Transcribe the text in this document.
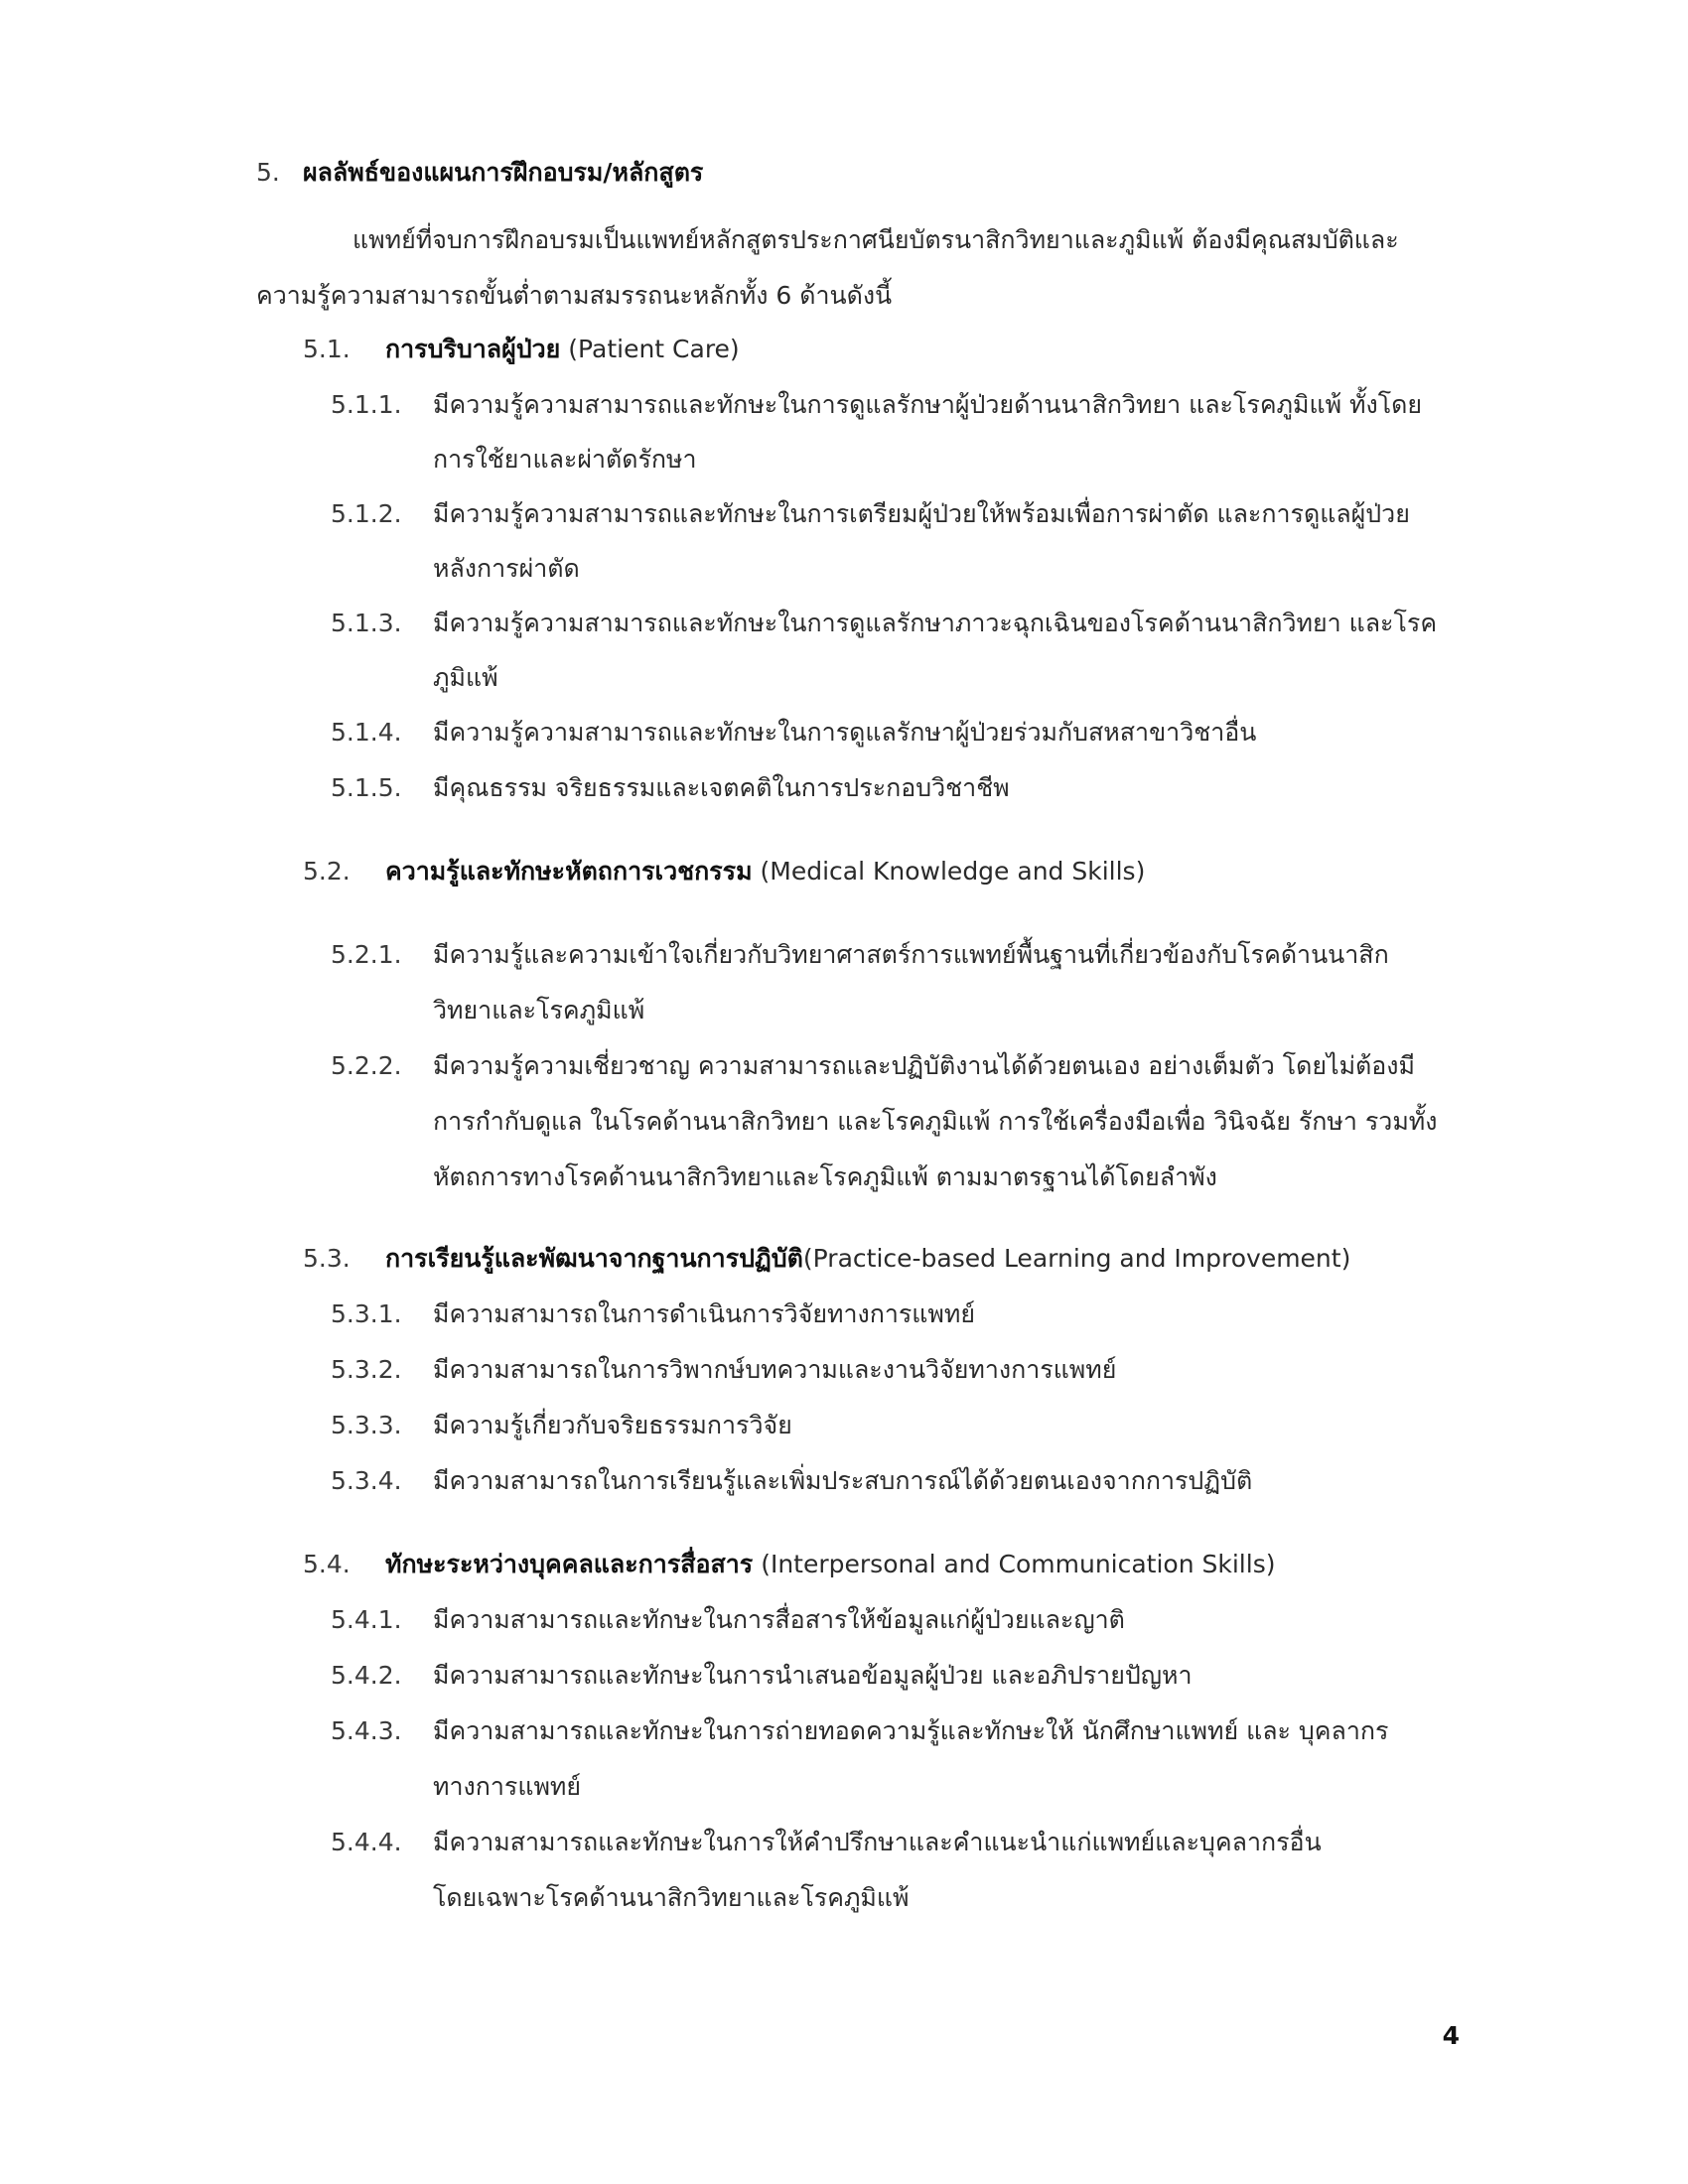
5. ผลลัพธ์ของแผนการฝึกอบรม/หลักสูตร
แพทย์ที่จบการฝึกอบรมเป็นแพทย์หลักสูตรประกาศนียบัตรนาสิกวิทยาและภูมิแพ้ ต้องมีคุณสมบัติและ
ความรู้ความสามารถขั้นต่ำตามสมรรถนะหลักทั้ง 6 ด้านดังนี้
5.1. การบริบาลผู้ป่วย (Patient Care)
5.1.1. มีความรู้ความสามารถและทักษะในการดูแลรักษาผู้ป่วยด้านนาสิกวิทยา และโรคภูมิแพ้ ทั้งโดย
การใช้ยาและผ่าตัดรักษา
5.1.2. มีความรู้ความสามารถและทักษะในการเตรียมผู้ป่วยให้พร้อมเพื่อการผ่าตัด และการดูแลผู้ป่วย
หลังการผ่าตัด
5.1.3. มีความรู้ความสามารถและทักษะในการดูแลรักษาภาวะฉุกเฉินของโรคด้านนาสิกวิทยา และโรค
ภูมิแพ้
5.1.4. มีความรู้ความสามารถและทักษะในการดูแลรักษาผู้ป่วยร่วมกับสหสาขาวิชาอื่น
5.1.5. มีคุณธรรม จริยธรรมและเจตคติในการประกอบวิชาชีพ
5.2. ความรู้และทักษะหัตถการเวชกรรม (Medical Knowledge and Skills)
5.2.1. มีความรู้และความเข้าใจเกี่ยวกับวิทยาศาสตร์การแพทย์พื้นฐานที่เกี่ยวข้องกับโรคด้านนาสิก
วิทยาและโรคภูมิแพ้
5.2.2. มีความรู้ความเชี่ยวชาญ ความสามารถและปฏิบัติงานได้ด้วยตนเอง อย่างเต็มตัว โดยไม่ต้องมี
การกำกับดูแล ในโรคด้านนาสิกวิทยา และโรคภูมิแพ้ การใช้เครื่องมือเพื่อ วินิจฉัย รักษา รวมทั้ง
หัตถการทางโรคด้านนาสิกวิทยาและโรคภูมิแพ้ ตามมาตรฐานได้โดยลำพัง
5.3. การเรียนรู้และพัฒนาจากฐานการปฏิบัติ(Practice-based Learning and Improvement)
5.3.1. มีความสามารถในการดำเนินการวิจัยทางการแพทย์
5.3.2. มีความสามารถในการวิพากษ์บทความและงานวิจัยทางการแพทย์
5.3.3. มีความรู้เกี่ยวกับจริยธรรมการวิจัย
5.3.4. มีความสามารถในการเรียนรู้และเพิ่มประสบการณ์ได้ด้วยตนเองจากการปฏิบัติ
5.4. ทักษะระหว่างบุคคลและการสื่อสาร (Interpersonal and Communication Skills)
5.4.1. มีความสามารถและทักษะในการสื่อสารให้ข้อมูลแก่ผู้ป่วยและญาติ
5.4.2. มีความสามารถและทักษะในการนำเสนอข้อมูลผู้ป่วย และอภิปรายปัญหา
5.4.3. มีความสามารถและทักษะในการถ่ายทอดความรู้และทักษะให้ นักศึกษาแพทย์ และ บุคลากร
ทางการแพทย์
5.4.4. มีความสามารถและทักษะในการให้คำปรึกษาและคำแนะนำแก่แพทย์และบุคลากรอื่น
โดยเฉพาะโรคด้านนาสิกวิทยาและโรคภูมิแพ้
4
